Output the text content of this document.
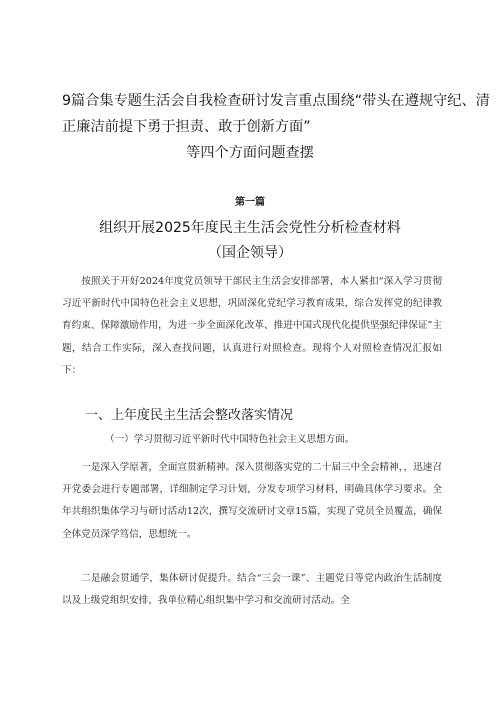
9篇合集专题生活会自我检查研讨发言重点围绕“带头在遵规守纪、清
正廉洁前提下勇于担责、敢于创新方面”
等四个方面问题查摆
第一篇
组织开展2025年度民主生活会党性分析检查材料
（国企领导）

按照关于开好2024年度党员领导干部民主生活会安排部署，本人紧扣“深入学习贯彻习近平新时代中国特色社会主义思想，巩固深化党纪学习教育成果，综合发挥党的纪律教育约束、保障激励作用，为进一步全面深化改革、推进中国式现代化提供坚强纪律保证”主题，结合工作实际，深入查找问题，认真进行对照检查。现将个人对照检查情况汇报如下：

一、上年度民主生活会整改落实情况
（一）学习贯彻习近平新时代中国特色社会主义思想方面。

一是深入学原著，全面宣贯新精神。深入贯彻落实党的二十届三中全会精神，，迅速召开党委会进行专题部署，详细制定学习计划，分发专项学习材料，明确具体学习要求。全年共组织集体学习与研讨活动12次，撰写交流研讨文章15篇，实现了党员全员覆盖，确保全体党员深学笃信，思想统一。

二是融会贯通学，集体研讨促提升。结合“三会一课”、主题党日等党内政治生活制度以及上级党组织安排，我单位精心组织集中学习和交流研讨活动。全
